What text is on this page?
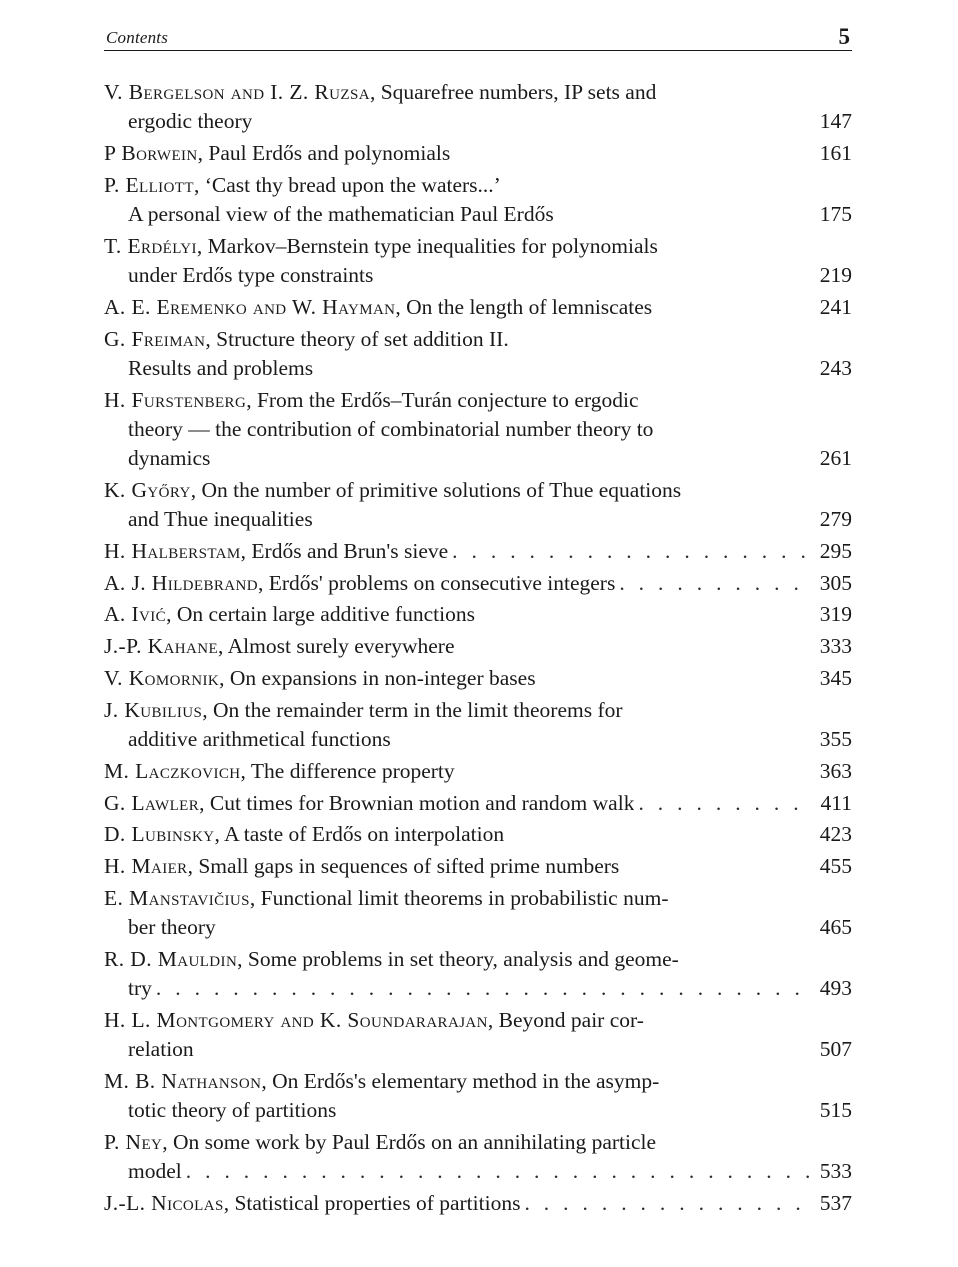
Contents	5
V. Bergelson and I. Z. Ruzsa, Squarefree numbers, IP sets and
ergodic theory	147
P Borwein, Paul Erdős and polynomials	161
P. Elliott, ‘Cast thy bread upon the waters...’
A personal view of the mathematician Paul Erdős	175
T. Erdélyi, Markov–Bernstein type inequalities for polynomials
under Erdős type constraints	219
A. E. Eremenko and W. Hayman, On the length of lemniscates	241
G. Freiman, Structure theory of set addition II.
Results and problems	243
H. Furstenberg, From the Erdős–Turán conjecture to ergodic
theory — the contribution of combinatorial number theory to
dynamics	261
K. Győry, On the number of primitive solutions of Thue equations
and Thue inequalities	279
H. Halberstam, Erdős and Brun's sieve . . .	295
A. J. Hildebrand, Erdős' problems on consecutive integers . . .	305
A. Ivić, On certain large additive functions	319
J.-P. Kahane, Almost surely everywhere	333
V. Komornik, On expansions in non-integer bases	345
J. Kubilius, On the remainder term in the limit theorems for
additive arithmetical functions	355
M. Laczkovich, The difference property	363
G. Lawler, Cut times for Brownian motion and random walk . . .	411
D. Lubinsky, A taste of Erdős on interpolation	423
H. Maier, Small gaps in sequences of sifted prime numbers	455
E. Manstavičius, Functional limit theorems in probabilistic num-
ber theory	465
R. D. Mauldin, Some problems in set theory, analysis and geome-
try . . .	493
H. L. Montgomery and K. Soundararajan, Beyond pair cor-
relation	507
M. B. Nathanson, On Erdős's elementary method in the asymp-
totic theory of partitions	515
P. Ney, On some work by Paul Erdős on an annihilating particle
model . . .	533
J.-L. Nicolas, Statistical properties of partitions . . .	537
